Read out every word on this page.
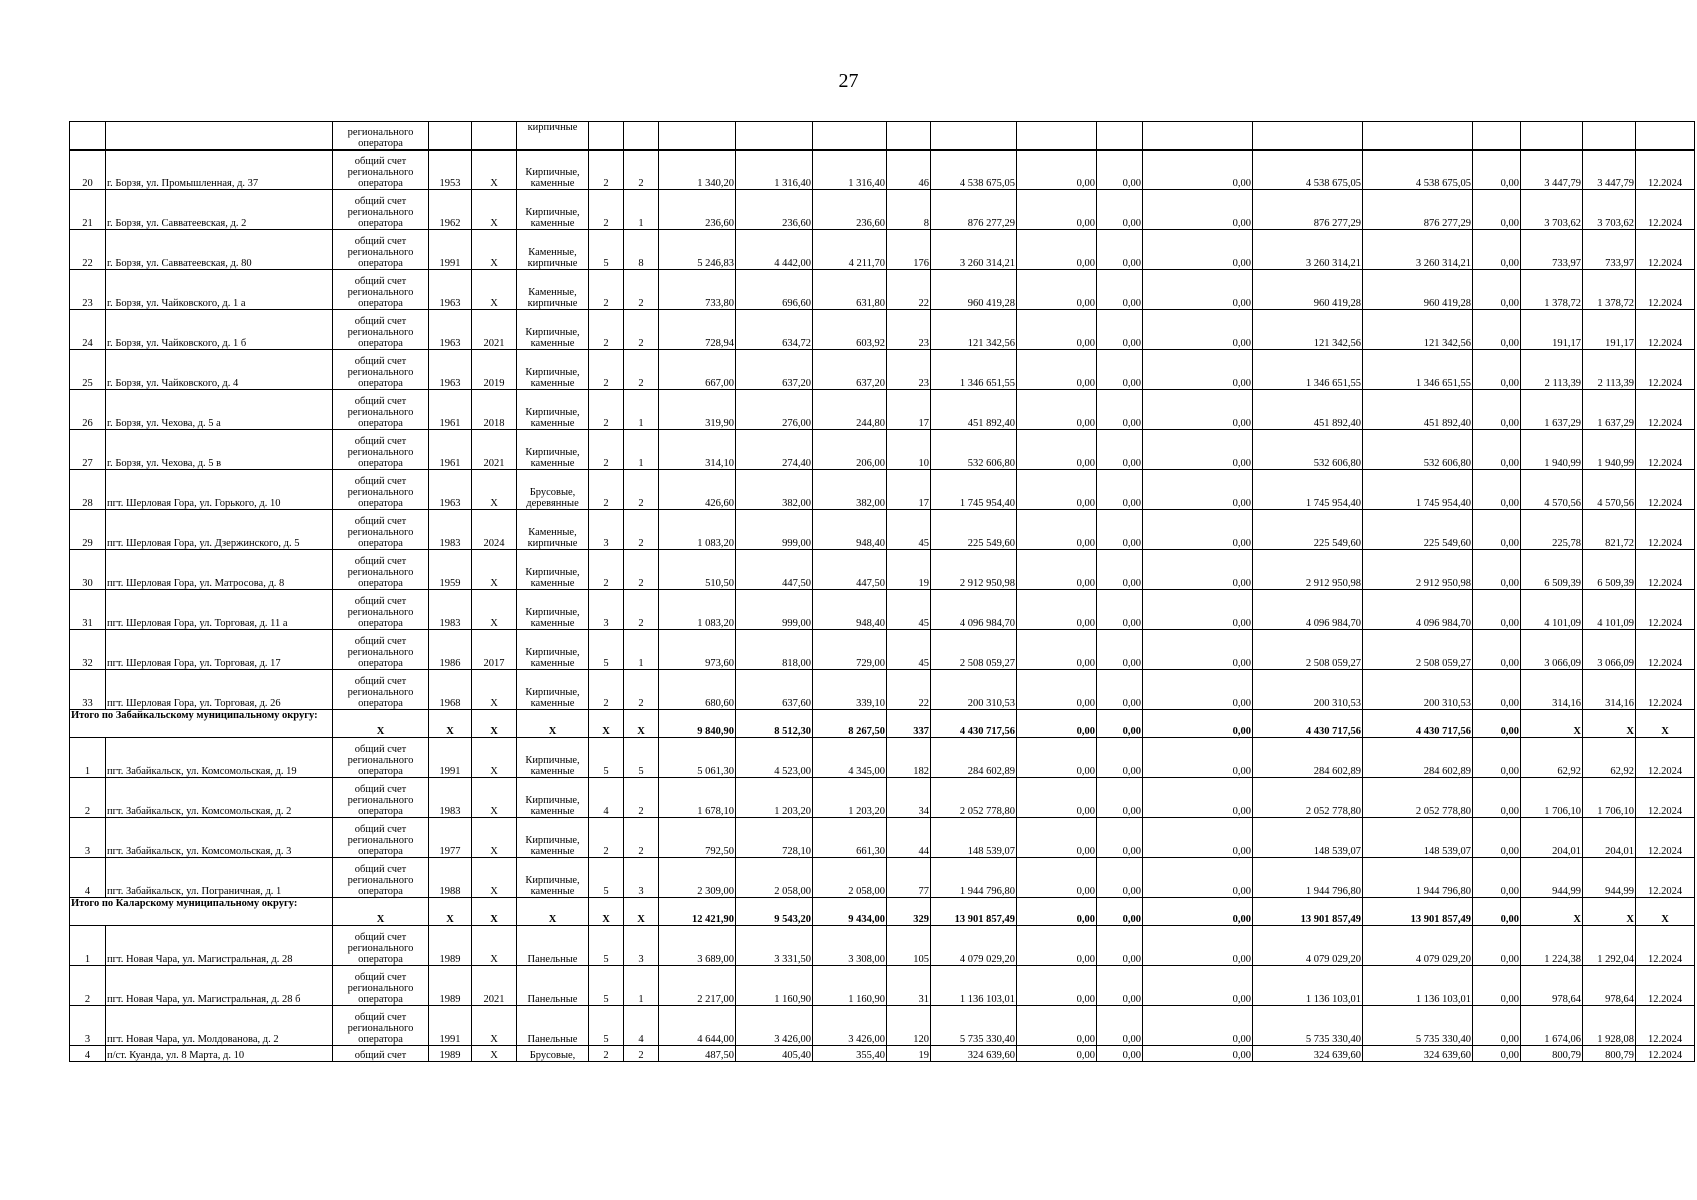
27
		регионального оператора			кирпичные																
20	г. Борзя, ул. Промышленная, д. 37	общий счет регионального оператора	1953	X	Кирпичные, каменные	2	2	1 340,20	1 316,40	1 316,40	46	4 538 675,05	0,00	0,00	0,00	4 538 675,05	4 538 675,05	0,00	3 447,79	3 447,79	12.2024
21	г. Борзя, ул. Савватеевская, д. 2	общий счет регионального оператора	1962	X	Кирпичные, каменные	2	1	236,60	236,60	236,60	8	876 277,29	0,00	0,00	0,00	876 277,29	876 277,29	0,00	3 703,62	3 703,62	12.2024
22	г. Борзя, ул. Савватеевская, д. 80	общий счет регионального оператора	1991	X	Каменные, кирпичные	5	8	5 246,83	4 442,00	4 211,70	176	3 260 314,21	0,00	0,00	0,00	3 260 314,21	3 260 314,21	0,00	733,97	733,97	12.2024
23	г. Борзя, ул. Чайковского, д. 1 а	общий счет регионального оператора	1963	X	Каменные, кирпичные	2	2	733,80	696,60	631,80	22	960 419,28	0,00	0,00	0,00	960 419,28	960 419,28	0,00	1 378,72	1 378,72	12.2024
24	г. Борзя, ул. Чайковского, д. 1 б	общий счет регионального оператора	1963	2021	Кирпичные, каменные	2	2	728,94	634,72	603,92	23	121 342,56	0,00	0,00	0,00	121 342,56	121 342,56	0,00	191,17	191,17	12.2024
25	г. Борзя, ул. Чайковского, д. 4	общий счет регионального оператора	1963	2019	Кирпичные, каменные	2	2	667,00	637,20	637,20	23	1 346 651,55	0,00	0,00	0,00	1 346 651,55	1 346 651,55	0,00	2 113,39	2 113,39	12.2024
26	г. Борзя, ул. Чехова, д. 5 а	общий счет регионального оператора	1961	2018	Кирпичные, каменные	2	1	319,90	276,00	244,80	17	451 892,40	0,00	0,00	0,00	451 892,40	451 892,40	0,00	1 637,29	1 637,29	12.2024
27	г. Борзя, ул. Чехова, д. 5 в	общий счет регионального оператора	1961	2021	Кирпичные, каменные	2	1	314,10	274,40	206,00	10	532 606,80	0,00	0,00	0,00	532 606,80	532 606,80	0,00	1 940,99	1 940,99	12.2024
28	пгт. Шерловая Гора, ул. Горького, д. 10	общий счет регионального оператора	1963	X	Брусовые, деревянные	2	2	426,60	382,00	382,00	17	1 745 954,40	0,00	0,00	0,00	1 745 954,40	1 745 954,40	0,00	4 570,56	4 570,56	12.2024
29	пгт. Шерловая Гора, ул. Дзержинского, д. 5	общий счет регионального оператора	1983	2024	Каменные, кирпичные	3	2	1 083,20	999,00	948,40	45	225 549,60	0,00	0,00	0,00	225 549,60	225 549,60	0,00	225,78	821,72	12.2024
30	пгт. Шерловая Гора, ул. Матросова, д. 8	общий счет регионального оператора	1959	X	Кирпичные, каменные	2	2	510,50	447,50	447,50	19	2 912 950,98	0,00	0,00	0,00	2 912 950,98	2 912 950,98	0,00	6 509,39	6 509,39	12.2024
31	пгт. Шерловая Гора, ул. Торговая, д. 11 а	общий счет регионального оператора	1983	X	Кирпичные, каменные	3	2	1 083,20	999,00	948,40	45	4 096 984,70	0,00	0,00	0,00	4 096 984,70	4 096 984,70	0,00	4 101,09	4 101,09	12.2024
32	пгт. Шерловая Гора, ул. Торговая, д. 17	общий счет регионального оператора	1986	2017	Кирпичные, каменные	5	1	973,60	818,00	729,00	45	2 508 059,27	0,00	0,00	0,00	2 508 059,27	2 508 059,27	0,00	3 066,09	3 066,09	12.2024
33	пгт. Шерловая Гора, ул. Торговая, д. 26	общий счет регионального оператора	1968	X	Кирпичные, каменные	2	2	680,60	637,60	339,10	22	200 310,53	0,00	0,00	0,00	200 310,53	200 310,53	0,00	314,16	314,16	12.2024
Итого по Забайкальскому муниципальному округу:		X	X	X	X	X	X	9 840,90	8 512,30	8 267,50	337	4 430 717,56	0,00	0,00	0,00	4 430 717,56	4 430 717,56	0,00	X	X	X
1	пгт. Забайкальск, ул. Комсомольская, д. 19	общий счет регионального оператора	1991	X	Кирпичные, каменные	5	5	5 061,30	4 523,00	4 345,00	182	284 602,89	0,00	0,00	0,00	284 602,89	284 602,89	0,00	62,92	62,92	12.2024
2	пгт. Забайкальск, ул. Комсомольская, д. 2	общий счет регионального оператора	1983	X	Кирпичные, каменные	4	2	1 678,10	1 203,20	1 203,20	34	2 052 778,80	0,00	0,00	0,00	2 052 778,80	2 052 778,80	0,00	1 706,10	1 706,10	12.2024
3	пгт. Забайкальск, ул. Комсомольская, д. 3	общий счет регионального оператора	1977	X	Кирпичные, каменные	2	2	792,50	728,10	661,30	44	148 539,07	0,00	0,00	0,00	148 539,07	148 539,07	0,00	204,01	204,01	12.2024
4	пгт. Забайкальск, ул. Пограничная, д. 1	общий счет регионального оператора	1988	X	Кирпичные, каменные	5	3	2 309,00	2 058,00	2 058,00	77	1 944 796,80	0,00	0,00	0,00	1 944 796,80	1 944 796,80	0,00	944,99	944,99	12.2024
Итого по Каларскому муниципальному округу:		X	X	X	X	X	X	12 421,90	9 543,20	9 434,00	329	13 901 857,49	0,00	0,00	0,00	13 901 857,49	13 901 857,49	0,00	X	X	X
1	пгт. Новая Чара, ул. Магистральная, д. 28	общий счет регионального оператора	1989	X	Панельные	5	3	3 689,00	3 331,50	3 308,00	105	4 079 029,20	0,00	0,00	0,00	4 079 029,20	4 079 029,20	0,00	1 224,38	1 292,04	12.2024
2	пгт. Новая Чара, ул. Магистральная, д. 28 б	общий счет регионального оператора	1989	2021	Панельные	5	1	2 217,00	1 160,90	1 160,90	31	1 136 103,01	0,00	0,00	0,00	1 136 103,01	1 136 103,01	0,00	978,64	978,64	12.2024
3	пгт. Новая Чара, ул. Молдованова, д. 2	общий счет регионального оператора	1991	X	Панельные	5	4	4 644,00	3 426,00	3 426,00	120	5 735 330,40	0,00	0,00	0,00	5 735 330,40	5 735 330,40	0,00	1 674,06	1 928,08	12.2024
4	п/ст. Куанда, ул. 8 Марта, д. 10	общий счет	1989	X	Брусовые,	2	2	487,50	405,40	355,40	19	324 639,60	0,00	0,00	0,00	324 639,60	324 639,60	0,00	800,79	800,79	12.2024
